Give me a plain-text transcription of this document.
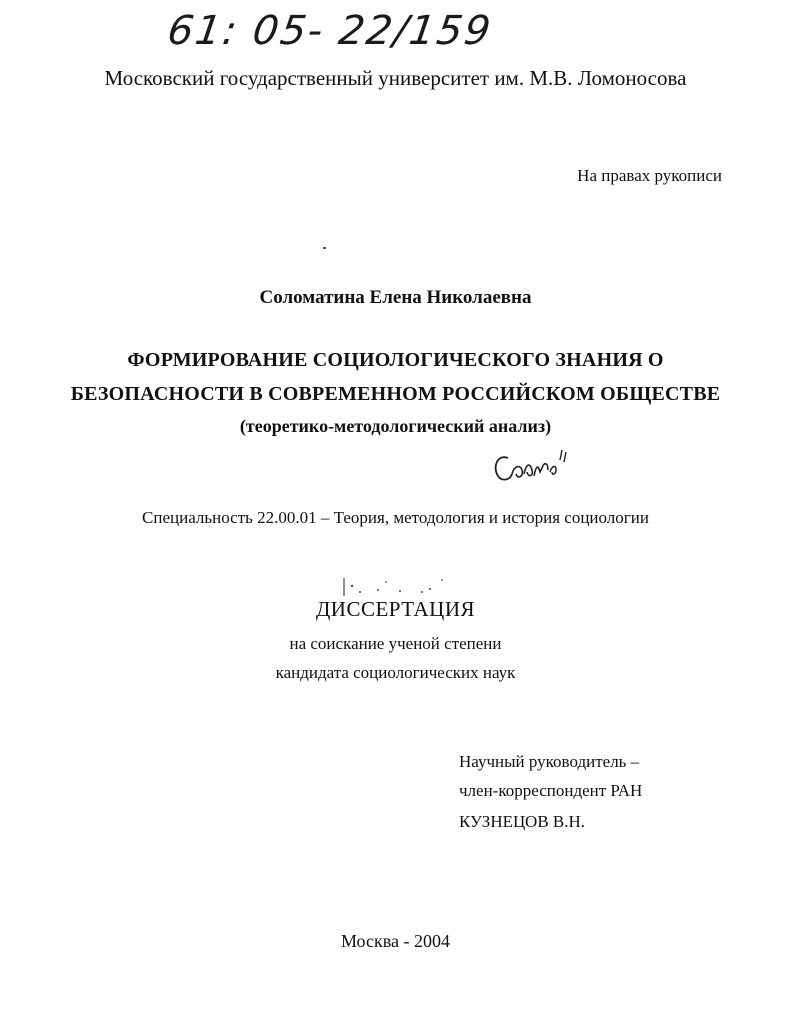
61: 05- 22/159
Московский государственный университет им. М.В. Ломоносова
На правах рукописи
Соломатина Елена Николаевна
ФОРМИРОВАНИЕ СОЦИОЛОГИЧЕСКОГО ЗНАНИЯ О
БЕЗОПАСНОСТИ В СОВРЕМЕННОМ РОССИЙСКОМ ОБЩЕСТВЕ
(теоретико-методологический анализ)
Специальность 22.00.01 – Теория, методология и история социологии
ДИССЕРТАЦИЯ
на соискание ученой степени
кандидата социологических наук
Научный руководитель –
член-корреспондент РАН
КУЗНЕЦОВ В.Н.
Москва - 2004
